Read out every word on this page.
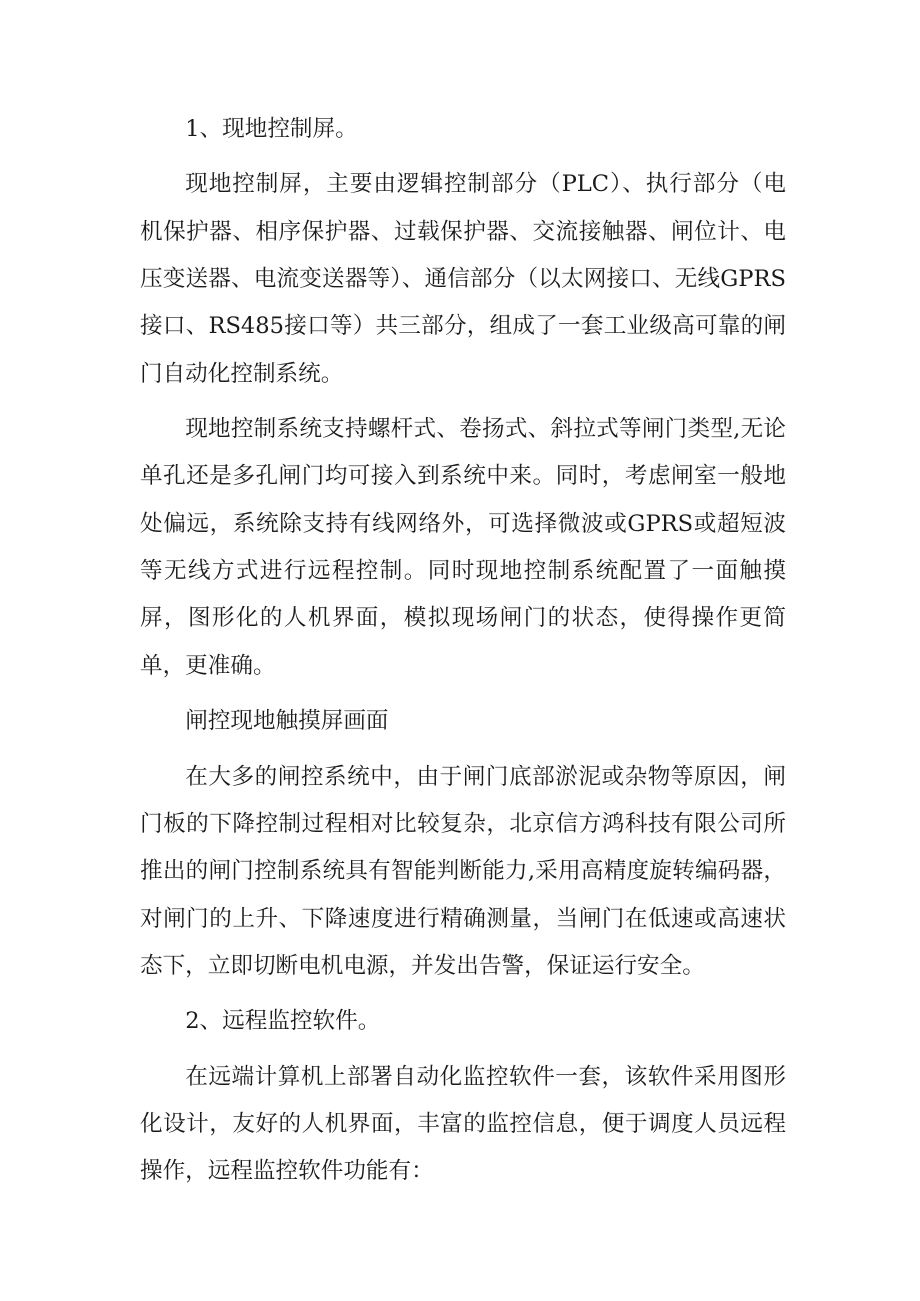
1、现地控制屏。

现地控制屏，主要由逻辑控制部分（PLC）、执行部分（电机保护器、相序保护器、过载保护器、交流接触器、闸位计、电压变送器、电流变送器等）、通信部分（以太网接口、无线GPRS接口、RS485接口等）共三部分，组成了一套工业级高可靠的闸门自动化控制系统。

现地控制系统支持螺杆式、卷扬式、斜拉式等闸门类型,无论单孔还是多孔闸门均可接入到系统中来。同时，考虑闸室一般地处偏远，系统除支持有线网络外，可选择微波或GPRS或超短波等无线方式进行远程控制。同时现地控制系统配置了一面触摸屏，图形化的人机界面，模拟现场闸门的状态，使得操作更简单，更准确。

闸控现地触摸屏画面

在大多的闸控系统中，由于闸门底部淤泥或杂物等原因，闸门板的下降控制过程相对比较复杂，北京信方鸿科技有限公司所推出的闸门控制系统具有智能判断能力,采用高精度旋转编码器，对闸门的上升、下降速度进行精确测量，当闸门在低速或高速状态下，立即切断电机电源，并发出告警，保证运行安全。

2、远程监控软件。

在远端计算机上部署自动化监控软件一套，该软件采用图形化设计，友好的人机界面，丰富的监控信息，便于调度人员远程操作，远程监控软件功能有：
